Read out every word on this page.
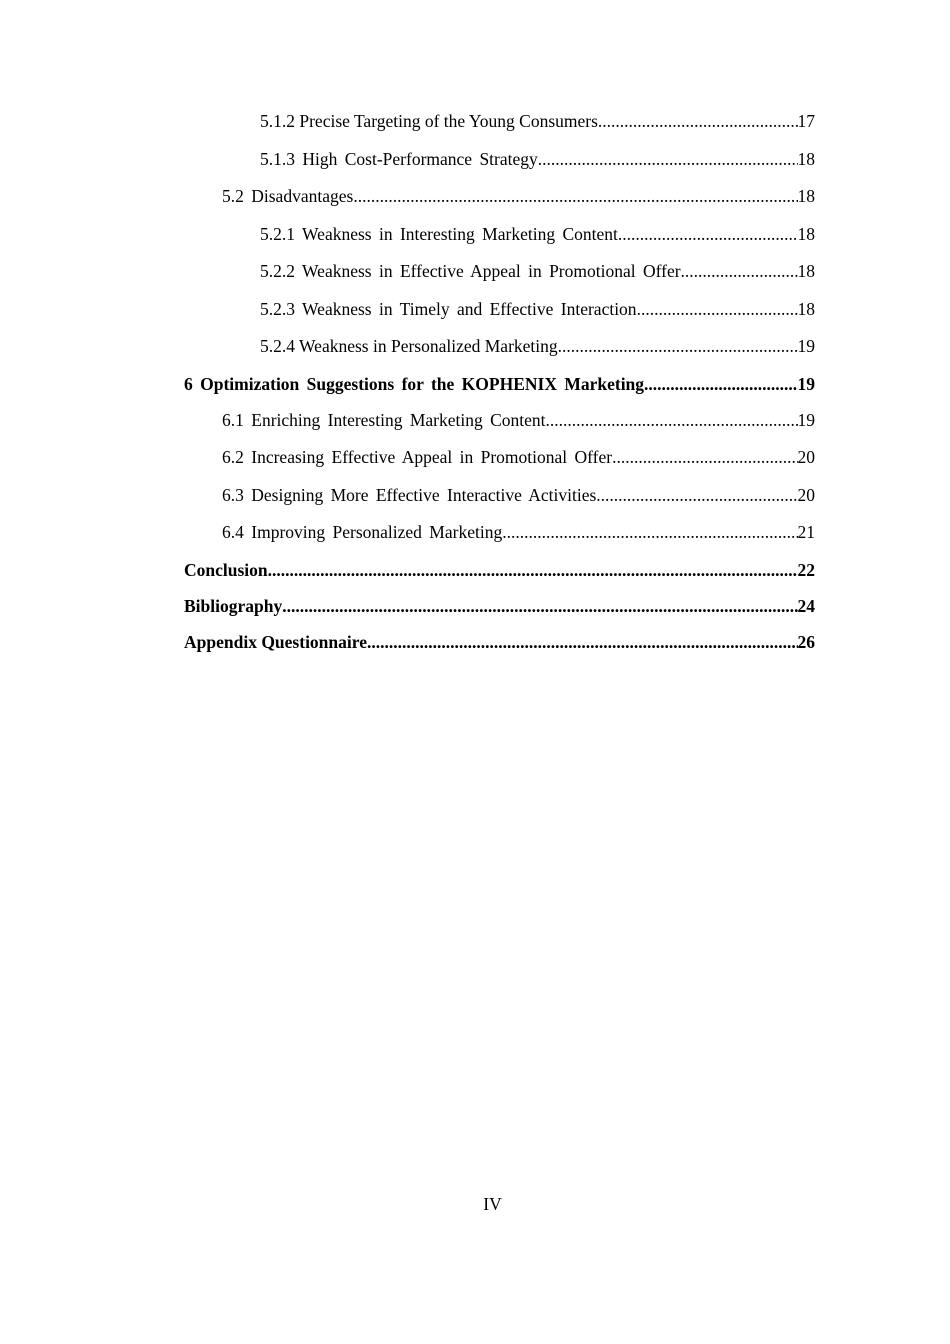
5.1.2 Precise Targeting of the Young Consumers .....	17
5.1.3 High Cost-Performance Strategy .....	18
5.2 Disadvantages .....	18
5.2.1 Weakness in Interesting Marketing Content .....	18
5.2.2 Weakness in Effective Appeal in Promotional Offer .....	18
5.2.3 Weakness in Timely and Effective Interaction .....	18
5.2.4 Weakness in Personalized Marketing .....	19
6 Optimization Suggestions for the KOPHENIX Marketing .....	19
6.1 Enriching Interesting Marketing Content .....	19
6.2 Increasing Effective Appeal in Promotional Offer .....	20
6.3 Designing More Effective Interactive Activities .....	20
6.4 Improving Personalized Marketing .....	21
Conclusion .....	22
Bibliography .....	24
Appendix Questionnaire .....	26
IV
